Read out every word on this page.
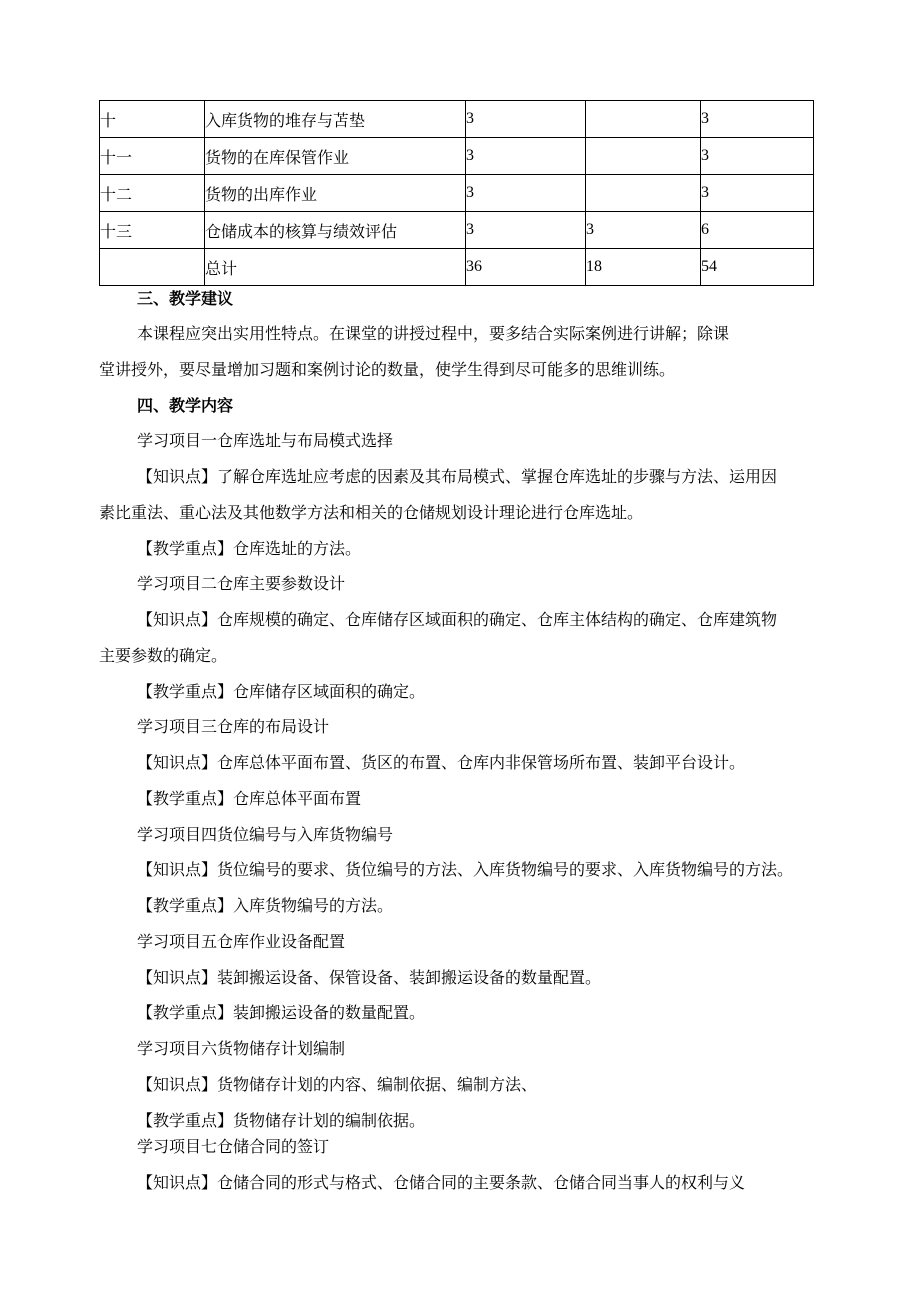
十	入库货物的堆存与苫垫	3		3
十一	货物的在库保管作业	3		3
十二	货物的出库作业	3		3
十三	仓储成本的核算与绩效评估	3	3	6
	总计	36	18	54
三、教学建议
本课程应突出实用性特点。在课堂的讲授过程中，要多结合实际案例进行讲解；除课
堂讲授外，要尽量增加习题和案例讨论的数量，使学生得到尽可能多的思维训练。
四、教学内容
学习项目一仓库选址与布局模式选择
【知识点】了解仓库选址应考虑的因素及其布局模式、掌握仓库选址的步骤与方法、运用因
素比重法、重心法及其他数学方法和相关的仓储规划设计理论进行仓库选址。
【教学重点】仓库选址的方法。
学习项目二仓库主要参数设计
【知识点】仓库规模的确定、仓库储存区域面积的确定、仓库主体结构的确定、仓库建筑物
主要参数的确定。
【教学重点】仓库储存区域面积的确定。
学习项目三仓库的布局设计
【知识点】仓库总体平面布置、货区的布置、仓库内非保管场所布置、装卸平台设计。
【教学重点】仓库总体平面布置
学习项目四货位编号与入库货物编号
【知识点】货位编号的要求、货位编号的方法、入库货物编号的要求、入库货物编号的方法。
【教学重点】入库货物编号的方法。
学习项目五仓库作业设备配置
【知识点】装卸搬运设备、保管设备、装卸搬运设备的数量配置。
【教学重点】装卸搬运设备的数量配置。
学习项目六货物储存计划编制
【知识点】货物储存计划的内容、编制依据、编制方法、
【教学重点】货物储存计划的编制依据。
学习项目七仓储合同的签订
【知识点】仓储合同的形式与格式、仓储合同的主要条款、仓储合同当事人的权利与义
